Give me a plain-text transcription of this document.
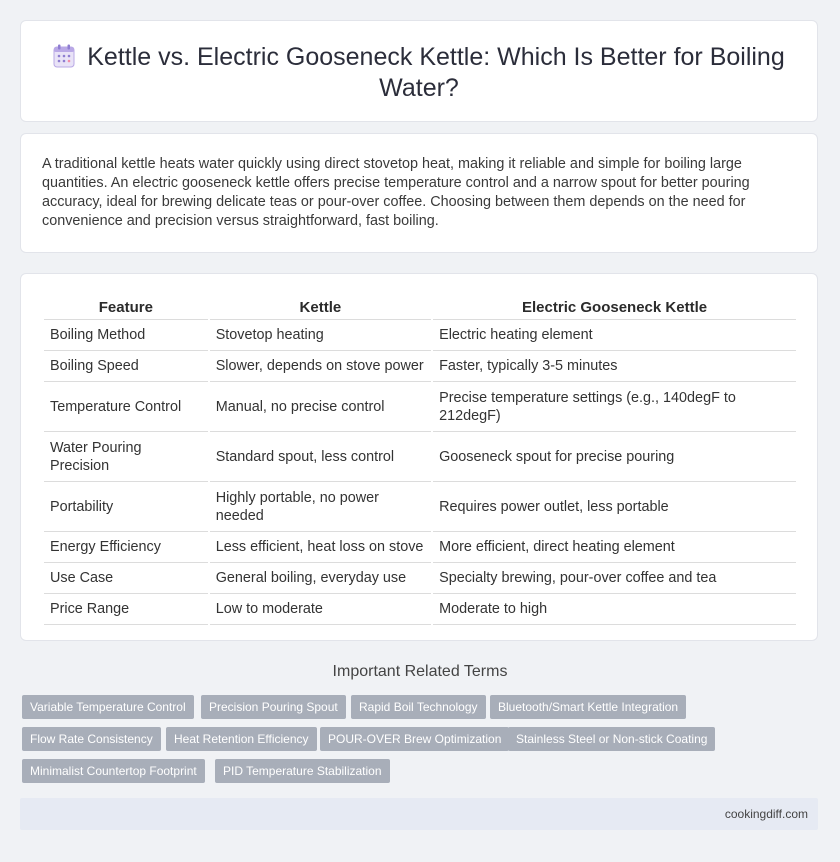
Kettle vs. Electric Gooseneck Kettle: Which Is Better for Boiling Water?
A traditional kettle heats water quickly using direct stovetop heat, making it reliable and simple for boiling large quantities. An electric gooseneck kettle offers precise temperature control and a narrow spout for better pouring accuracy, ideal for brewing delicate teas or pour-over coffee. Choosing between them depends on the need for convenience and precision versus straightforward, fast boiling.
Feature	Kettle	Electric Gooseneck Kettle
Boiling Method	Stovetop heating	Electric heating element
Boiling Speed	Slower, depends on stove power	Faster, typically 3-5 minutes
Temperature Control	Manual, no precise control	Precise temperature settings (e.g., 140degF to 212degF)
Water Pouring Precision	Standard spout, less control	Gooseneck spout for precise pouring
Portability	Highly portable, no power needed	Requires power outlet, less portable
Energy Efficiency	Less efficient, heat loss on stove	More efficient, direct heating element
Use Case	General boiling, everyday use	Specialty brewing, pour-over coffee and tea
Price Range	Low to moderate	Moderate to high
Important Related Terms
Variable Temperature Control	Precision Pouring Spout	Rapid Boil Technology	Bluetooth/Smart Kettle Integration
Flow Rate Consistency	Heat Retention Efficiency	POUR-OVER Brew Optimization	Stainless Steel or Non-stick Coating
Minimalist Countertop Footprint	PID Temperature Stabilization
cookingdiff.com
